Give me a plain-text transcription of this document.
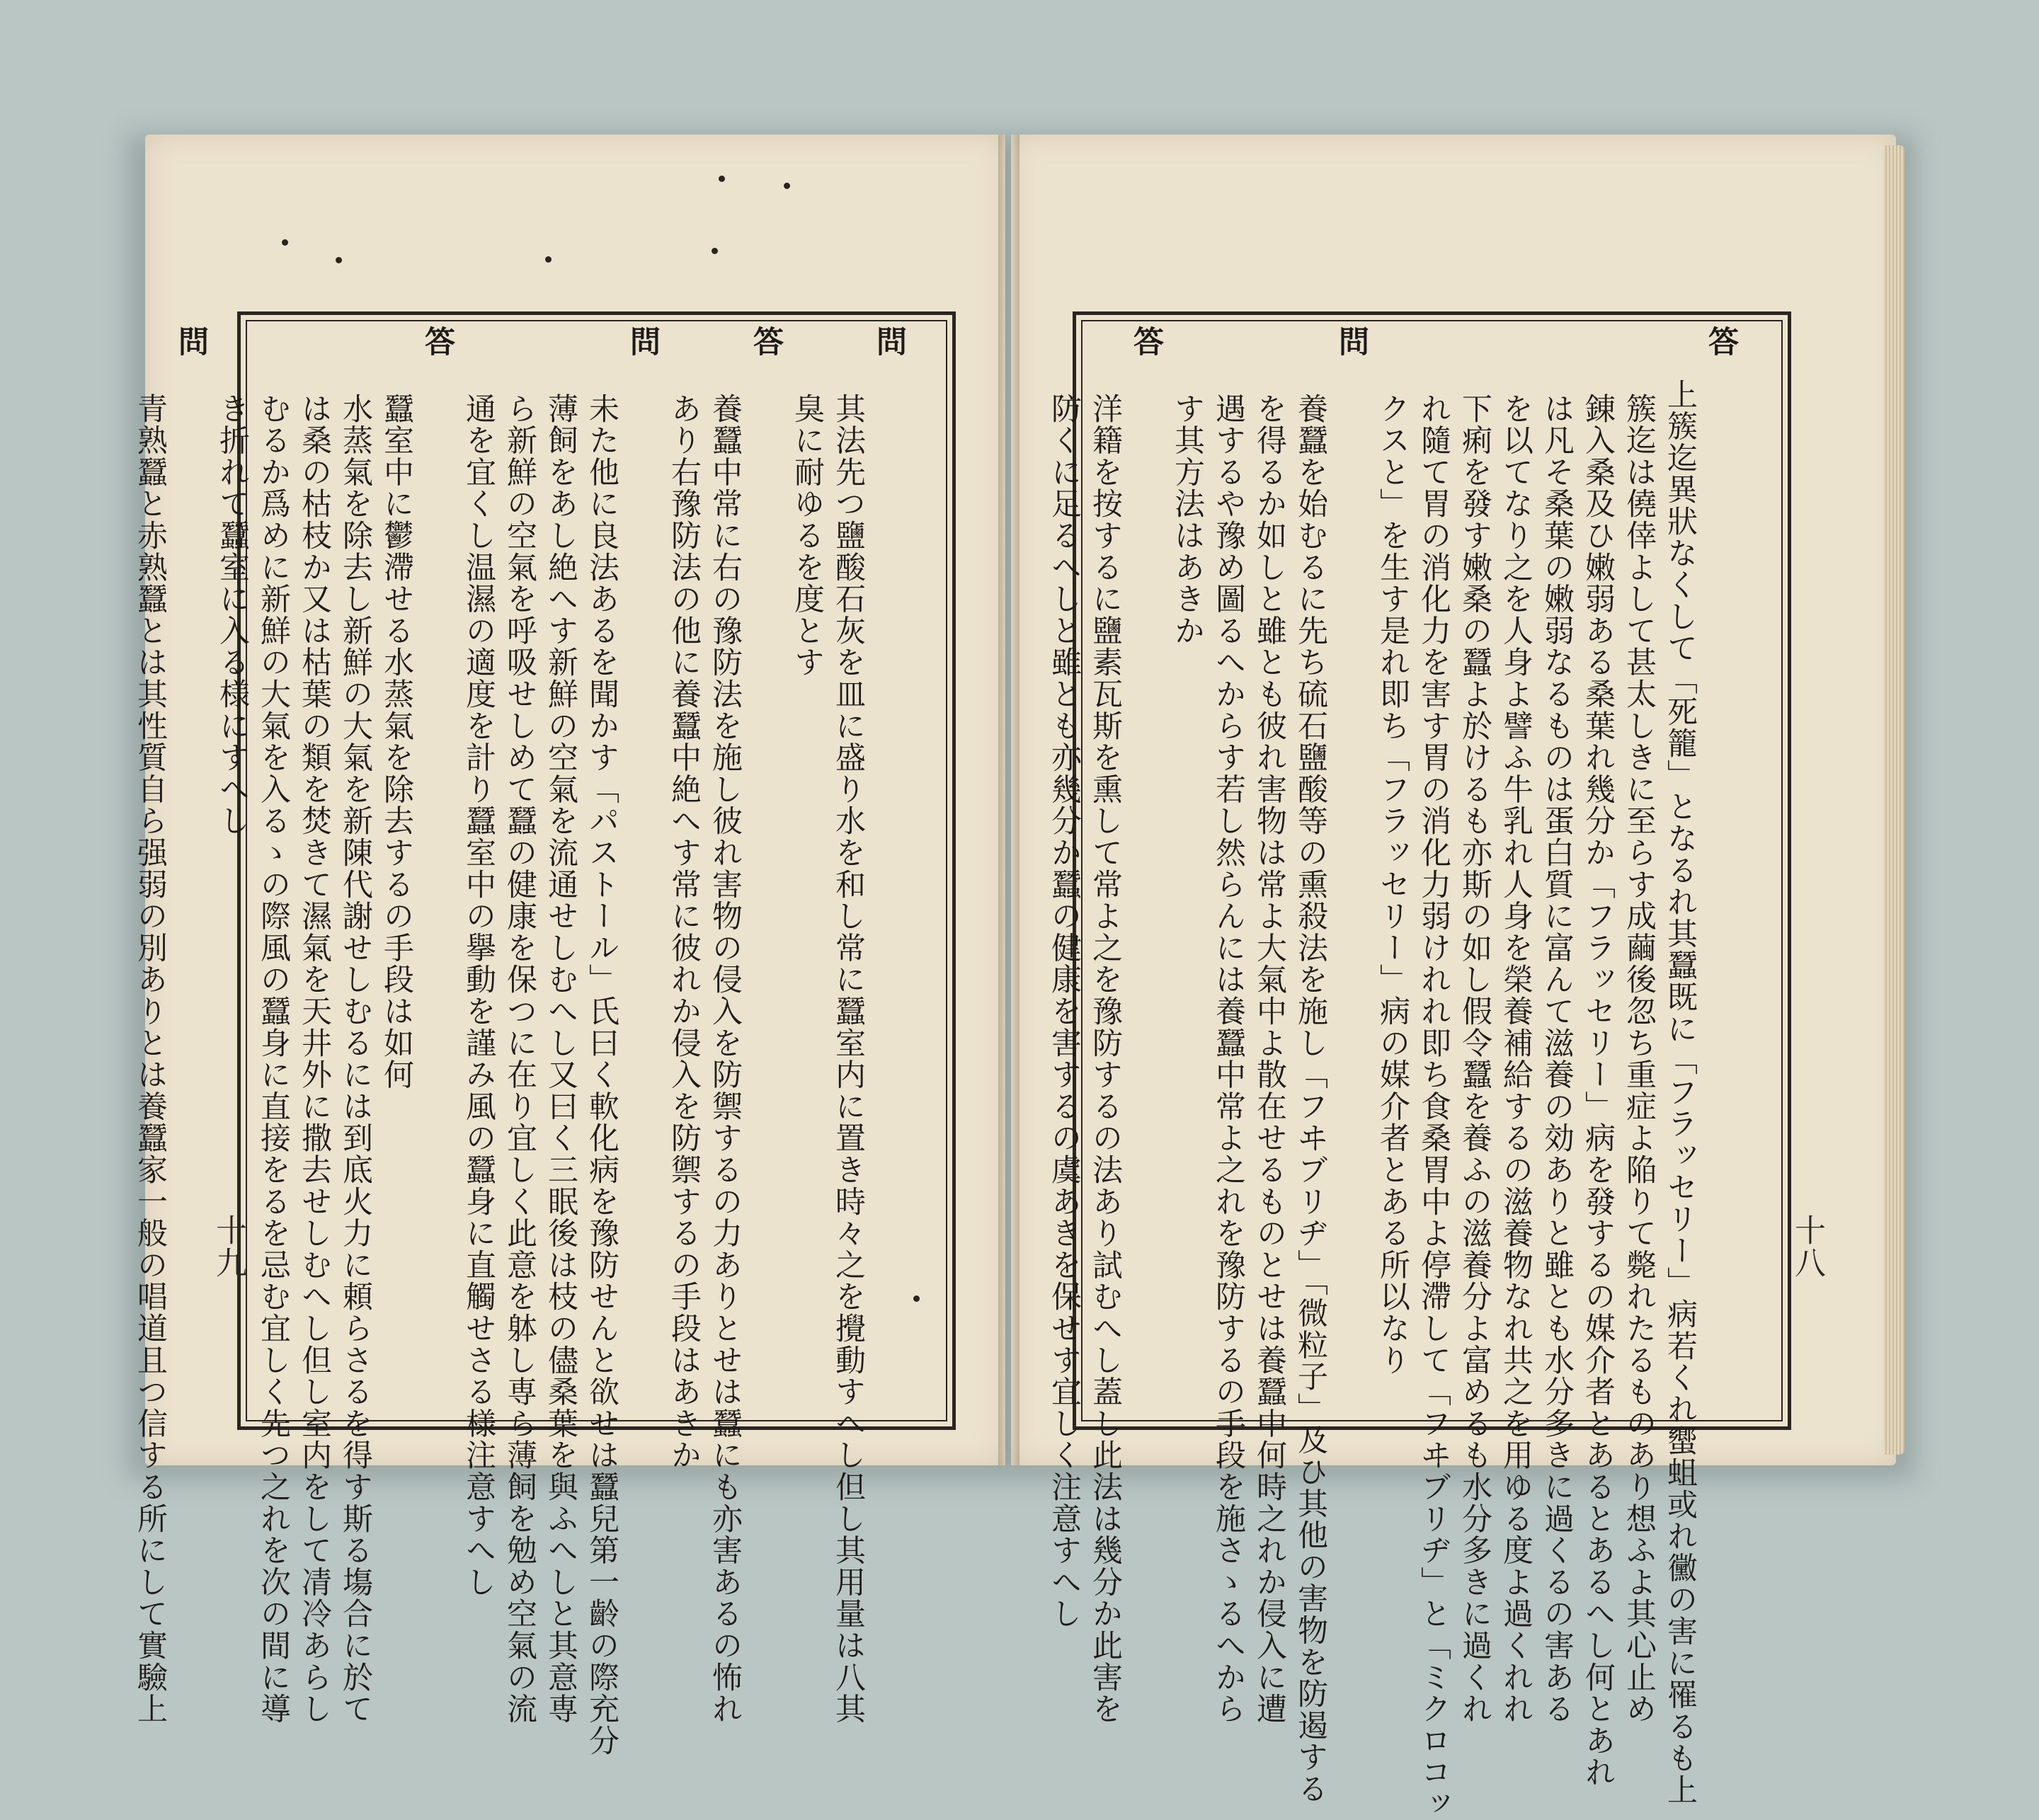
問
其法先つ鹽酸石灰を皿に盛り水を和し常に蠶室内に置き時々之を攪動すへし但し其用量は八其
臭に耐ゆるを度とす
答
養蠶中常に右の豫防法を施し彼れ害物の侵入を防禦するの力ありとせは蠶にも亦害あるの怖れ
あり右豫防法の他に養蠶中絶へす常に彼れか侵入を防禦するの手段はあきか
問
未た他に良法あるを聞かす「パストール」氏曰く軟化病を豫防せんと欲せは蠶兒第一齡の際充分
薄飼をあし絶へす新鮮の空氣を流通せしむへし又曰く三眠後は枝の儘桑葉を與ふへしと其意専
ら新鮮の空氣を呼吸せしめて蠶の健康を保つに在り宜しく此意を躰し専ら薄飼を勉め空氣の流
通を宜くし温濕の適度を計り蠶室中の擧動を謹み風の蠶身に直觸せさる様注意すへし
答
蠶室中に鬱滯せる水蒸氣を除去するの手段は如何
水蒸氣を除去し新鮮の大氣を新陳代謝せしむるには到底火力に頼らさるを得す斯る塲合に於て
は桑の枯枝か又は枯葉の類を焚きて濕氣を天井外に撒去せしむへし但し室内をして凊冷あらし
むるか爲めに新鮮の大氣を入るゝの際風の蠶身に直接をるを忌む宜しく先つ之れを次の間に導
き折れて蠶室に入る様にすへし
問
青熟蠶と赤熟蠶とは其性質自ら强弱の別ありとは養蠶家一般の唱道且つ信する所にして實驗上
答
上簇迄異狀なくして「死籠」となるれ其蠶既に「フラッセリー」病若くれ蠁蛆或れ黴の害に罹るも上
簇迄は僥倖よして甚太しきに至らす成繭後忽ち重症よ陥りて斃れたるものあり想ふよ其心止め
錬入桑及ひ嫩弱ある桑葉れ幾分か「フラッセリー」病を發するの媒介者とあるとあるへし何とあれ
は凡そ桑葉の嫩弱なるものは蛋白質に富んて滋養の効ありと雖とも水分多きに過くるの害ある
を以てなり之を人身よ譬ふ牛乳れ人身を榮養補給するの滋養物なれ共之を用ゆる度よ過くれれ
下痢を發す嫩桑の蠶よ於けるも亦斯の如し假令蠶を養ふの滋養分よ富めるも水分多きに過くれ
れ隨て胃の消化力を害す胃の消化力弱けれれ即ち食桑胃中よ停滯して「フヰブリヂ」と「ミクロコッ
クスと」を生す是れ即ち「フラッセリー」病の媒介者とある所以なり
問
養蠶を始むるに先ち硫石鹽酸等の熏殺法を施し「フヰブリヂ」「微粒子」及ひ其他の害物を防遏する
を得るか如しと雖とも彼れ害物は常よ大氣中よ散在せるものとせは養蠶中何時之れか侵入に遭
遇するや豫め圖るへからす若し然らんには養蠶中常よ之れを豫防するの手段を施さゝるへから
す其方法はあきか
答
洋籍を按するに鹽素瓦斯を熏して常よ之を豫防するの法あり試むへし蓋し此法は幾分か此害を
防くに足るへしと雖とも亦幾分か蠶の健康を害するの虞あきを保せす宜しく注意すへし
十九	十八
